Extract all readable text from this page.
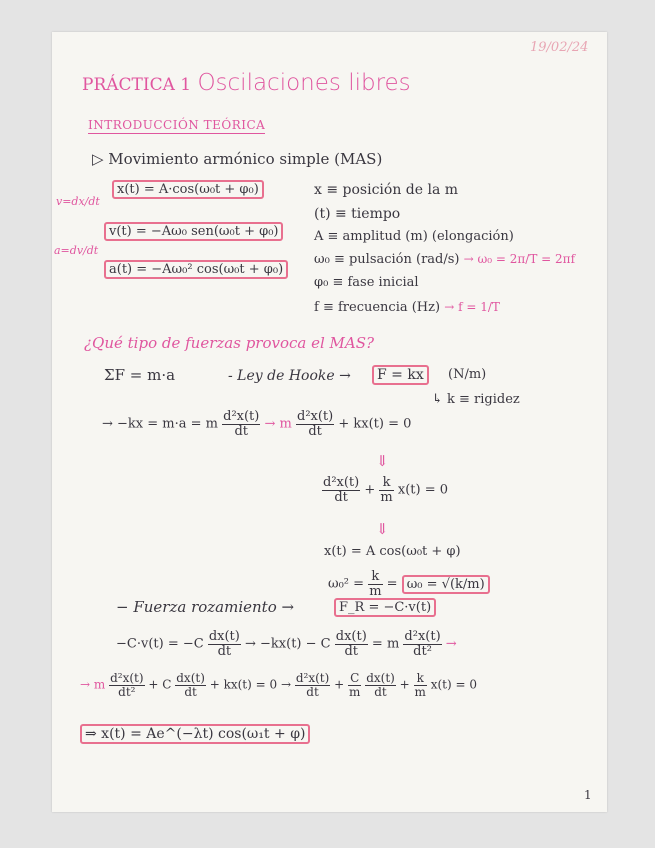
19/02/24
PRÁCTICA 1 Oscilaciones libres
INTRODUCCIÓN TEÓRICA
▷ Movimiento armónico simple (MAS)
v=dx/dt
a=dv/dt
x(t) = A·cos(ω₀t + φ₀)
v(t) = −Aω₀ sen(ω₀t + φ₀)
a(t) = −Aω₀² cos(ω₀t + φ₀)
x ≡ posición de la m
(t) ≡ tiempo
A ≡ amplitud (m) (elongación)
ω₀ ≡ pulsación (rad/s) → ω₀ = 2π/T = 2πf
φ₀ ≡ fase inicial
f ≡ frecuencia (Hz) → f = 1/T
¿Qué tipo de fuerzas provoca el MAS?
ΣF = m·a	- Ley de Hooke →	F = kx	(N/m)
↳ k ≡ rigidez
→ −kx = m·a = m $\frac{\text{d²x(t)}}{dt} \to m \frac{\text{d²x(t)}}{dt} + kx(t) = 0$
⇓
$\frac{\text{d²x(t)}}{dt} + \frac{k}{m} x(t) = 0$
⇓
x(t) = A cos(ω₀t + φ)
$\omega_0^2 = \frac{k}{m} = \omega_0 = √(k/m)$
− Fuerza rozamiento →	F_R = −C·v(t)
$-C\cdot v(t) = -C \frac{dx(t)}{dt} \to -kx(t) - C \frac{dx(t)}{dt} = m \frac{\text{d²x(t)}}{\text{dt²}}$ →
→ m $\frac{\text{d²x(t)}}{\text{dt²}} + C \frac{dx(t)}{dt} + kx(t) = 0 \to \frac{\text{d²x(t)}}{dt} + \frac{C}{m}$
$\frac{dx(t)}{dt} + \frac{k}{m} x(t) = 0$
⇒ x(t) = Ae^(−λt) cos(ω₁t + φ)
1
